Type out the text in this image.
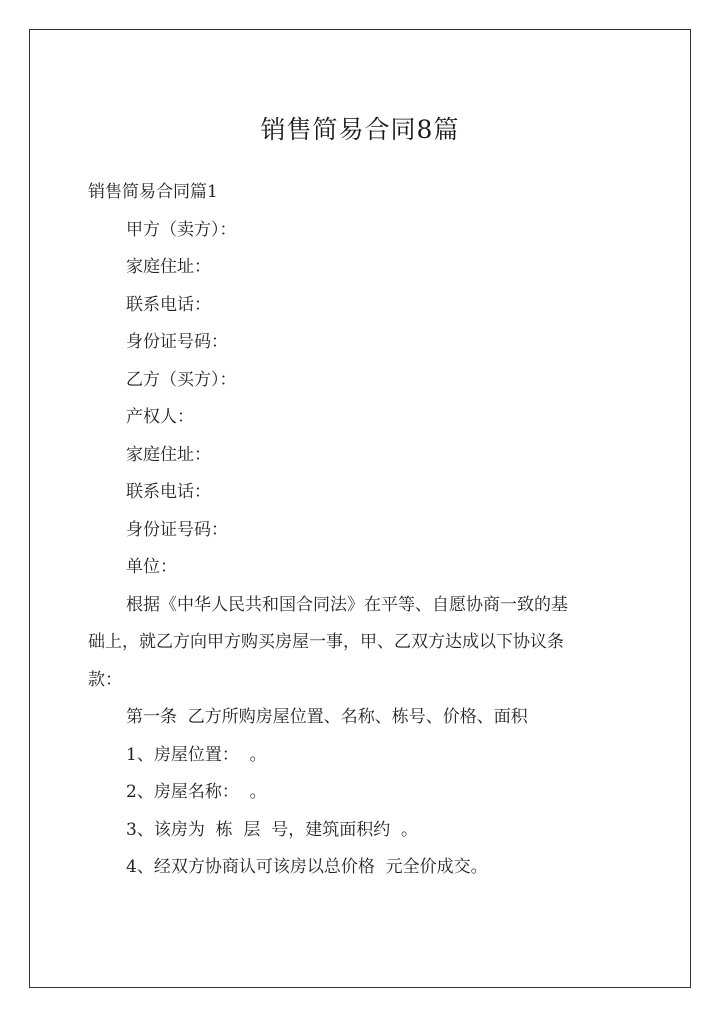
销售简易合同8篇

销售简易合同篇1

甲方（卖方）：

家庭住址：

联系电话：

身份证号码：

乙方（买方）：

产权人：

家庭住址：

联系电话：

身份证号码：

单位：

根据《中华人民共和国合同法》在平等、自愿协商一致的基

础上，就乙方向甲方购买房屋一事，甲、乙双方达成以下协议条

款：

第一条  乙方所购房屋位置、名称、栋号、价格、面积

1、房屋位置：  。

2、房屋名称：  。

3、该房为  栋  层  号，建筑面积约  。

4、经双方协商认可该房以总价格  元全价成交。
